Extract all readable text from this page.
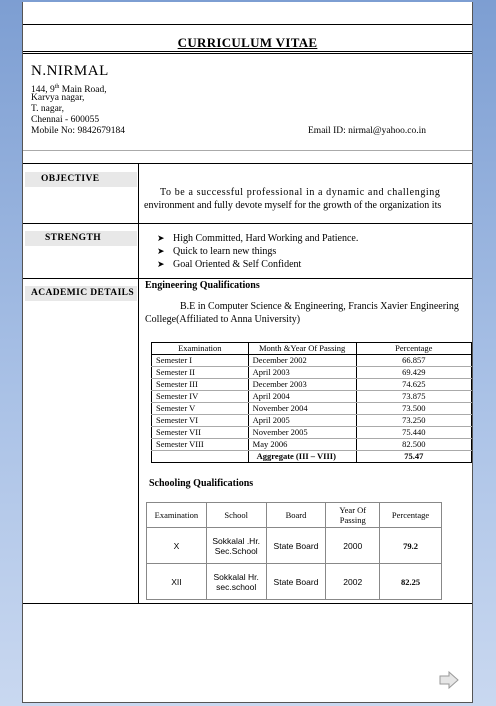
CURRICULUM VITAE
N.NIRMAL
144, 9th Main Road,
Karvya nagar,
T. nagar,
Chennai - 600055
Mobile No: 9842679184	Email ID: nirmal@yahoo.co.in
OBJECTIVE
To be a successful professional in a dynamic and challenging
environment and fully devote myself for the growth of the organization its
STRENGTH	➤ High Committed, Hard Working and Patience.
➤ Quick to learn new things
➤ Goal Oriented & Self Confident
ACADEMIC DETAILS
Engineering Qualifications
B.E in Computer Science & Engineering, Francis Xavier Engineering
College(Affiliated to Anna University)
Examination	Month &Year Of Passing	Percentage
Semester I	December 2002	66.857
Semester II	April 2003	69.429
Semester III	December 2003	74.625
Semester IV	April 2004	73.875
Semester V	November 2004	73.500
Semester VI	April 2005	73.250
Semester VII	November 2005	75.440
Semester VIII	May 2006	82.500
	Aggregate (III – VIII)	75.47
Schooling Qualifications
Examination	School	Board	Year Of Passing	Percentage
X	Sokkalal .Hr. Sec.School	State Board	2000	79.2
XII	Sokkalal Hr. sec.school	State Board	2002	82.25
